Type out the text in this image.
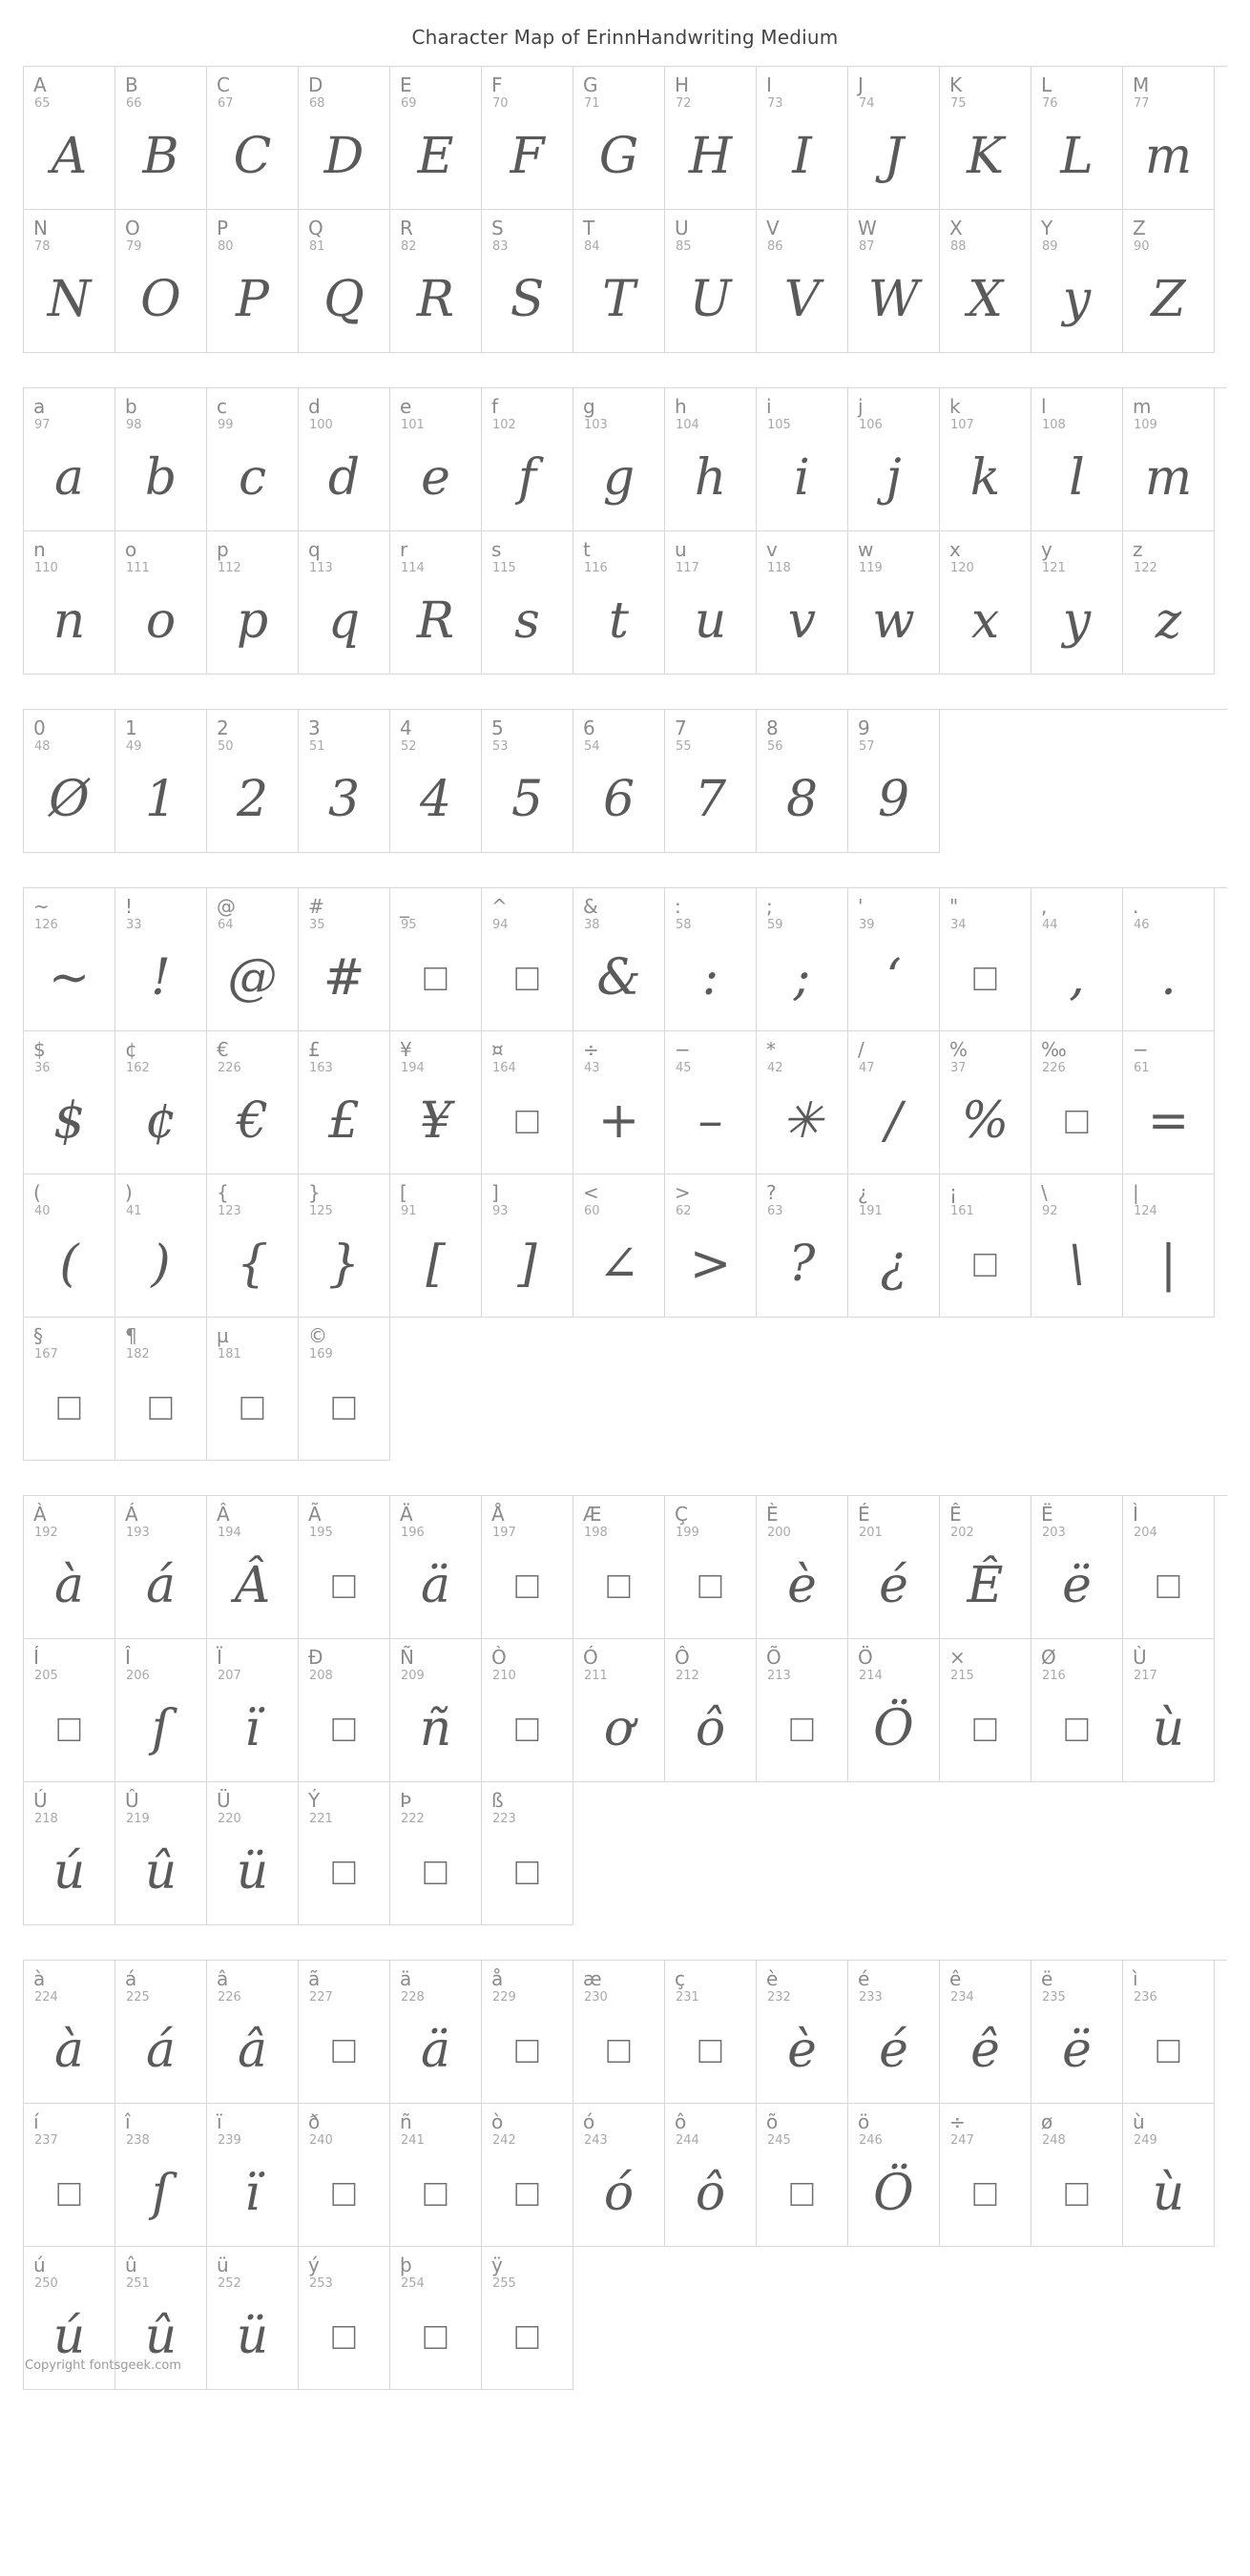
Character Map of ErinnHandwriting Medium
A
65
A
B
66
B
C
67
C
D
68
D
E
69
E
F
70
F
G
71
G
H
72
H
I
73
I
J
74
J
K
75
K
L
76
L
M
77
m
N
78
N
O
79
O
P
80
P
Q
81
Q
R
82
R
S
83
S
T
84
T
U
85
U
V
86
V
W
87
W
X
88
X
Y
89
y
Z
90
Z
a
97
a
b
98
b
c
99
c
d
100
d
e
101
e
f
102
f
g
103
g
h
104
h
i
105
i
j
106
j
k
107
k
l
108
l
m
109
m
n
110
n
o
111
o
p
112
p
q
113
q
r
114
R
s
115
s
t
116
t
u
117
u
v
118
v
w
119
w
x
120
x
y
121
y
z
122
z
0
48
Ø
1
49
1
2
50
2
3
51
3
4
52
4
5
53
5
6
54
6
7
55
7
8
56
8
9
57
9
~
126
~
!
33
!
@
64
@
#
35
#
_
95
□
^
94
□
&
38
&
:
58
:
;
59
;
'
39
‘
"
34
□
,
44
,
.
46
.
$
36
$
¢
162
¢
€
226
€
£
163
£
¥
194
¥
¤
164
□
÷
43
+
−
45
–
*
42
✳
/
47
/
%
37
%
‰
226
□
−
61
=
(
40
(
)
41
)
{
123
{
}
125
}
[
91
[
]
93
]
<
60
∠
>
62
>
?
63
?
¿
191
¿
¡
161
□
\
92
\
|
124
|
§
167
□
¶
182
□
µ
181
□
©
169
□
À
192
à
Á
193
á
Â
194
Â
Ã
195
□
Ä
196
ä
Å
197
□
Æ
198
□
Ç
199
□
È
200
è
É
201
é
Ê
202
Ê
Ë
203
ë
Ì
204
□
Í
205
□
Î
206
ſ
Ï
207
ï
Ð
208
□
Ñ
209
ñ
Ò
210
□
Ó
211
ơ
Ô
212
ô
Õ
213
□
Ö
214
Ö
×
215
□
Ø
216
□
Ù
217
ù
Ú
218
ú
Û
219
û
Ü
220
ü
Ý
221
□
Þ
222
□
ß
223
□
à
224
à
á
225
á
â
226
â
ã
227
□
ä
228
ä
å
229
□
æ
230
□
ç
231
□
è
232
è
é
233
é
ê
234
ê
ë
235
ë
ì
236
□
í
237
□
î
238
ſ
ï
239
ï
ð
240
□
ñ
241
□
ò
242
□
ó
243
ó
ô
244
ô
õ
245
□
ö
246
Ö
÷
247
□
ø
248
□
ù
249
ù
ú
250
ú
û
251
û
ü
252
ü
ý
253
□
þ
254
□
ÿ
255
□
Copyright fontsgeek.com
